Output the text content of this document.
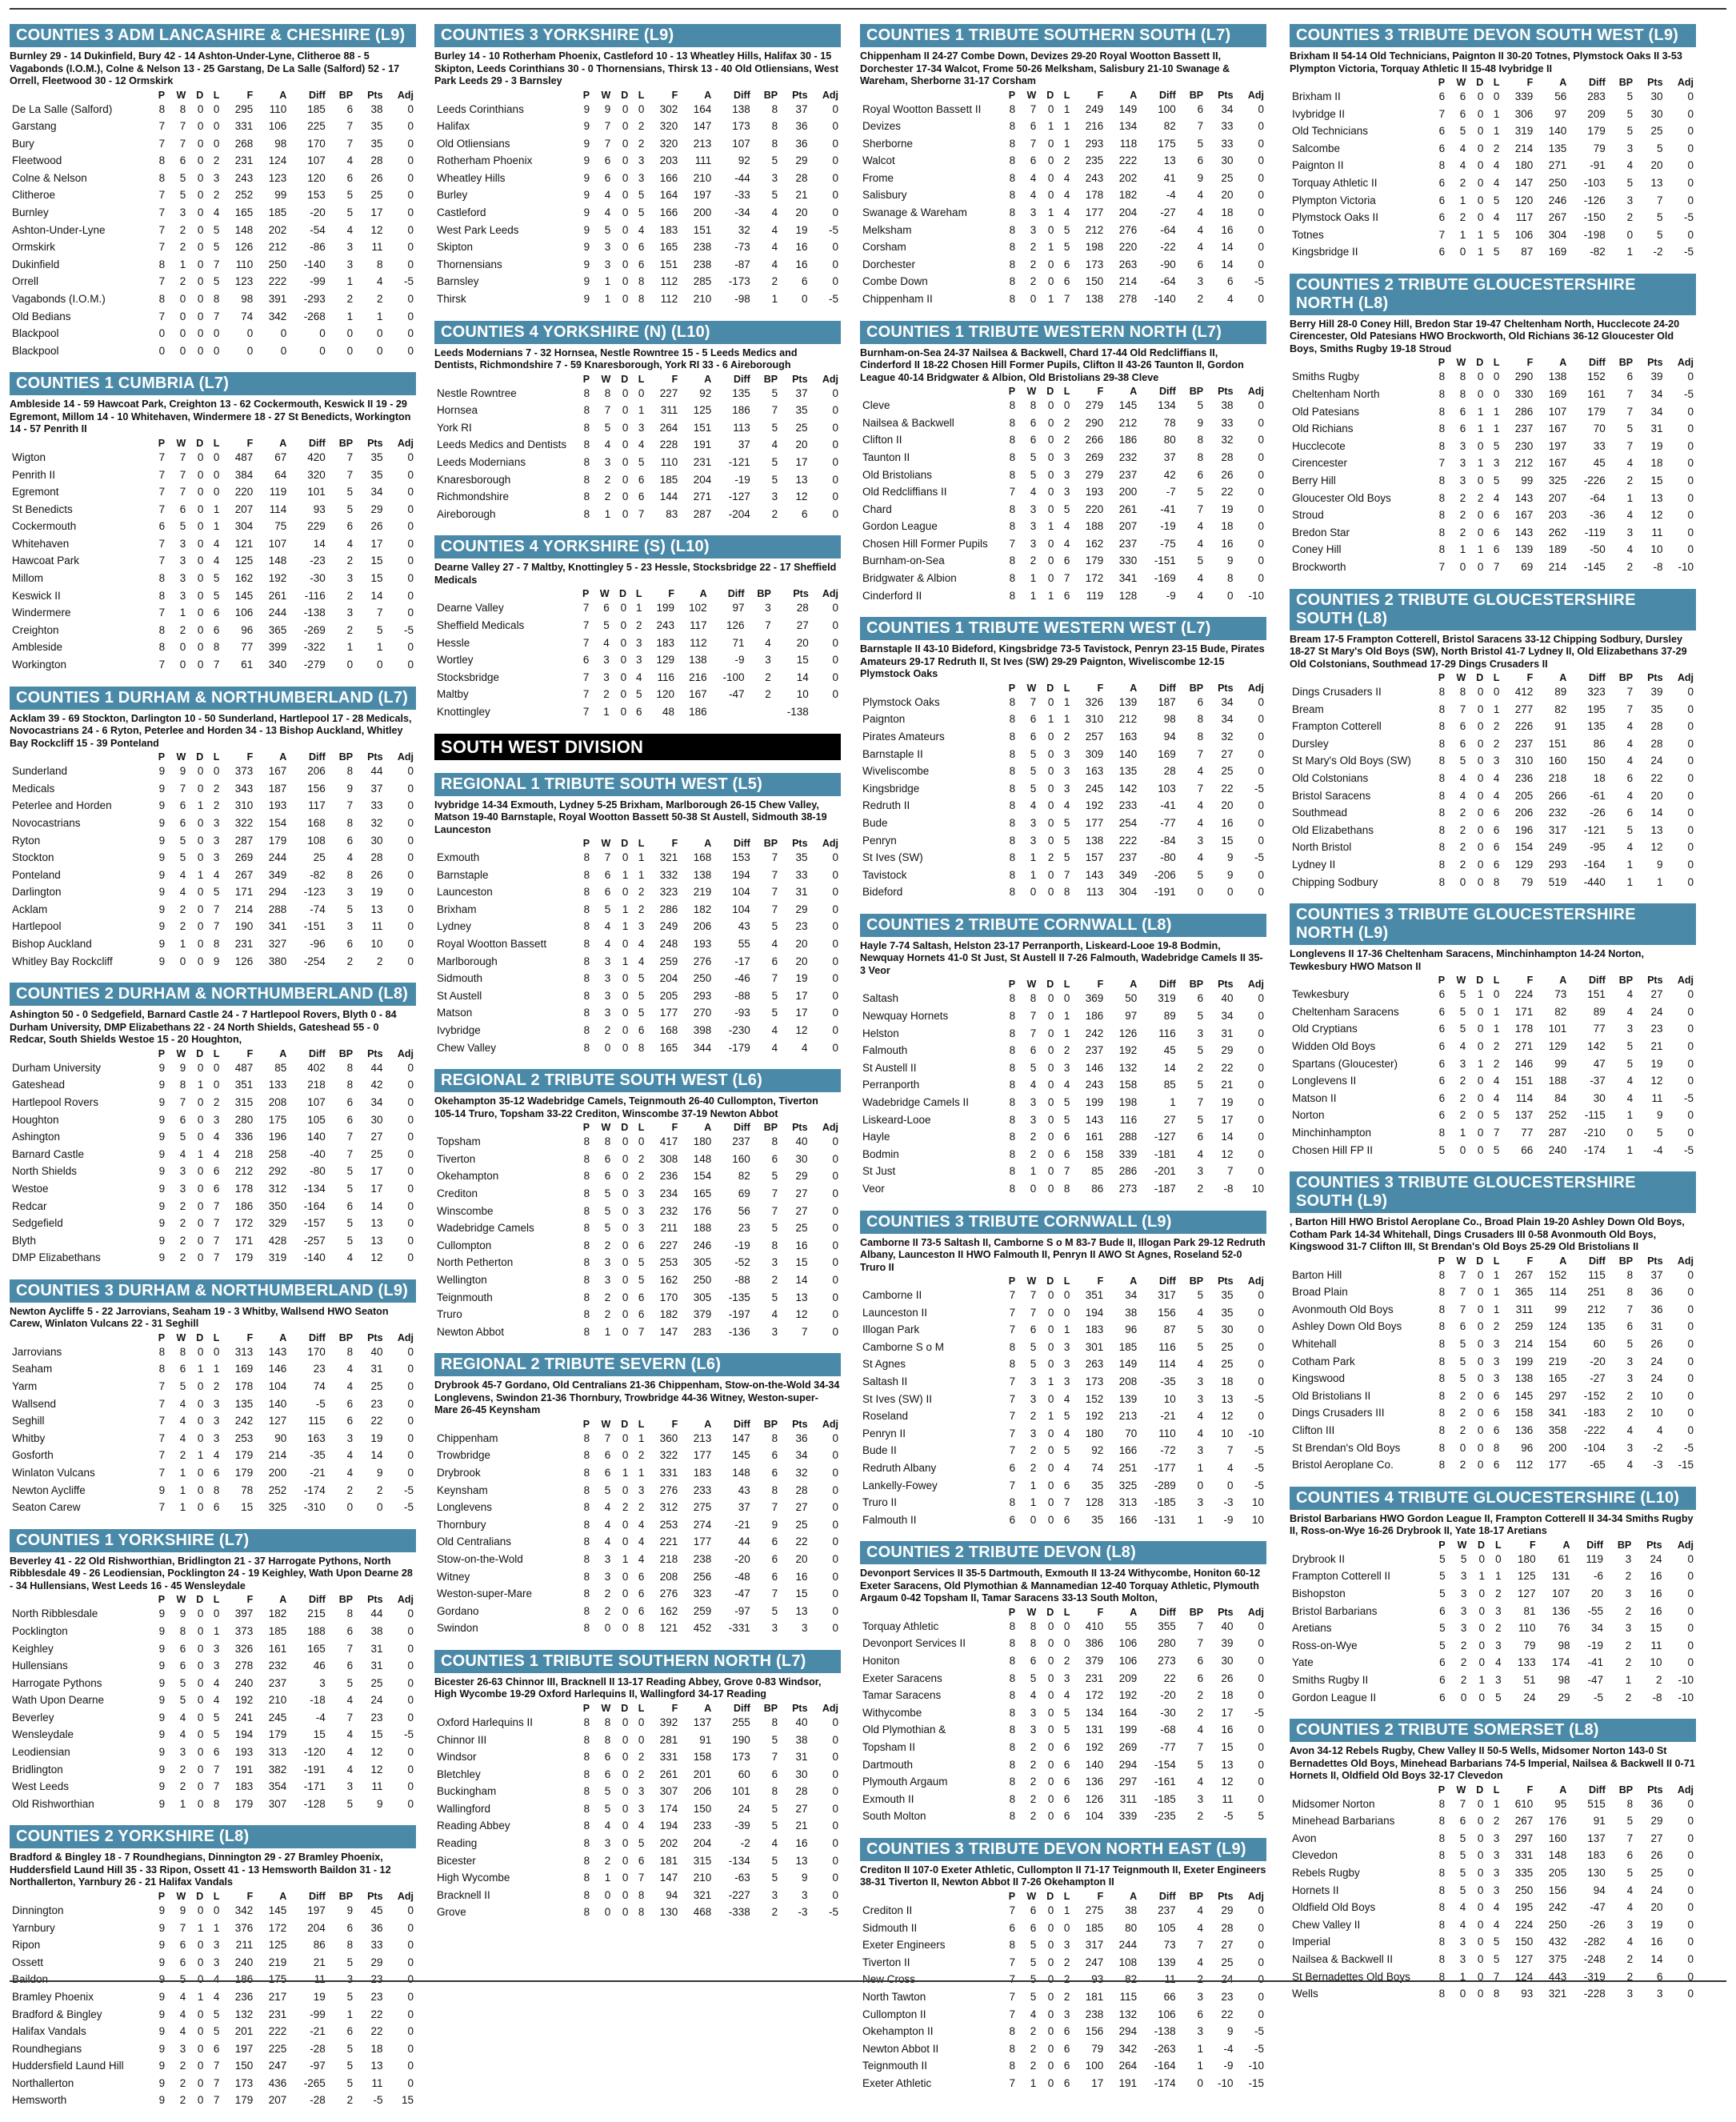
COUNTIES 3 ADM LANCASHIRE & CHESHIRE (L9)
Burnley 29 - 14 Dukinfield, Bury 42 - 14 Ashton-Under-Lyne, Clitheroe 88 - 5 Vagabonds (I.O.M.), Colne & Nelson 13 - 25 Garstang, De La Salle (Salford) 52 - 17 Orrell, Fleetwood 30 - 12 Ormskirk
	P	W	D	L	F	A	Diff	BP	Pts	Adj
De La Salle (Salford)	8	8	0	0	295	110	185	6	38	0
Garstang	7	7	0	0	331	106	225	7	35	0
Bury	7	7	0	0	268	98	170	7	35	0
Fleetwood	8	6	0	2	231	124	107	4	28	0
Colne & Nelson	8	5	0	3	243	123	120	6	26	0
Clitheroe	7	5	0	2	252	99	153	5	25	0
Burnley	7	3	0	4	165	185	-20	5	17	0
Ashton-Under-Lyne	7	2	0	5	148	202	-54	4	12	0
Ormskirk	7	2	0	5	126	212	-86	3	11	0
Dukinfield	8	1	0	7	110	250	-140	3	8	0
Orrell	7	2	0	5	123	222	-99	1	4	-5
Vagabonds (I.O.M.)	8	0	0	8	98	391	-293	2	2	0
Old Bedians	7	0	0	7	74	342	-268	1	1	0
Blackpool	0	0	0	0	0	0	0	0	0	0
Blackpool	0	0	0	0	0	0	0	0	0	0
COUNTIES 1 CUMBRIA (L7)
Ambleside 14 - 59 Hawcoat Park, Creighton 13 - 62 Cockermouth, Keswick II 19 - 29 Egremont, Millom 14 - 10 Whitehaven, Windermere 18 - 27 St Benedicts, Workington 14 - 57 Penrith II
	P	W	D	L	F	A	Diff	BP	Pts	Adj
Wigton	7	7	0	0	487	67	420	7	35	0
Penrith II	7	7	0	0	384	64	320	7	35	0
Egremont	7	7	0	0	220	119	101	5	34	0
St Benedicts	7	6	0	1	207	114	93	5	29	0
Cockermouth	6	5	0	1	304	75	229	6	26	0
Whitehaven	7	3	0	4	121	107	14	4	17	0
Hawcoat Park	7	3	0	4	125	148	-23	2	15	0
Millom	8	3	0	5	162	192	-30	3	15	0
Keswick II	8	3	0	5	145	261	-116	2	14	0
Windermere	7	1	0	6	106	244	-138	3	7	0
Creighton	8	2	0	6	96	365	-269	2	5	-5
Ambleside	8	0	0	8	77	399	-322	1	1	0
Workington	7	0	0	7	61	340	-279	0	0	0
COUNTIES 1 DURHAM & NORTHUMBERLAND (L7)
Acklam 39 - 69 Stockton, Darlington 10 - 50 Sunderland, Hartlepool 17 - 28 Medicals, Novocastrians 24 - 6 Ryton, Peterlee and Horden 34 - 13 Bishop Auckland, Whitley Bay Rockcliff 15 - 39 Ponteland
	P	W	D	L	F	A	Diff	BP	Pts	Adj
Sunderland	9	9	0	0	373	167	206	8	44	0
Medicals	9	7	0	2	343	187	156	9	37	0
Peterlee and Horden	9	6	1	2	310	193	117	7	33	0
Novocastrians	9	6	0	3	322	154	168	8	32	0
Ryton	9	5	0	3	287	179	108	6	30	0
Stockton	9	5	0	3	269	244	25	4	28	0
Ponteland	9	4	1	4	267	349	-82	8	26	0
Darlington	9	4	0	5	171	294	-123	3	19	0
Acklam	9	2	0	7	214	288	-74	5	13	0
Hartlepool	9	2	0	7	190	341	-151	3	11	0
Bishop Auckland	9	1	0	8	231	327	-96	6	10	0
Whitley Bay Rockcliff	9	0	0	9	126	380	-254	2	2	0
COUNTIES 2 DURHAM & NORTHUMBERLAND (L8)
Ashington 50 - 0 Sedgefield, Barnard Castle 24 - 7 Hartlepool Rovers, Blyth 0 - 84 Durham University, DMP Elizabethans 22 - 24 North Shields, Gateshead 55 - 0 Redcar, South Shields Westoe 15 - 20 Houghton,
	P	W	D	L	F	A	Diff	BP	Pts	Adj
Durham University	9	9	0	0	487	85	402	8	44	0
Gateshead	9	8	1	0	351	133	218	8	42	0
Hartlepool Rovers	9	7	0	2	315	208	107	6	34	0
Houghton	9	6	0	3	280	175	105	6	30	0
Ashington	9	5	0	4	336	196	140	7	27	0
Barnard Castle	9	4	1	4	218	258	-40	7	25	0
North Shields	9	3	0	6	212	292	-80	5	17	0
Westoe	9	3	0	6	178	312	-134	5	17	0
Redcar	9	2	0	7	186	350	-164	6	14	0
Sedgefield	9	2	0	7	172	329	-157	5	13	0
Blyth	9	2	0	7	171	428	-257	5	13	0
DMP Elizabethans	9	2	0	7	179	319	-140	4	12	0
COUNTIES 3 DURHAM & NORTHUMBERLAND (L9)
Newton Aycliffe 5 - 22 Jarrovians, Seaham 19 - 3 Whitby, Wallsend HWO Seaton Carew, Winlaton Vulcans 22 - 31 Seghill
	P	W	D	L	F	A	Diff	BP	Pts	Adj
Jarrovians	8	8	0	0	313	143	170	8	40	0
Seaham	8	6	1	1	169	146	23	4	31	0
Yarm	7	5	0	2	178	104	74	4	25	0
Wallsend	7	4	0	3	135	140	-5	6	23	0
Seghill	7	4	0	3	242	127	115	6	22	0
Whitby	7	4	0	3	253	90	163	3	19	0
Gosforth	7	2	1	4	179	214	-35	4	14	0
Winlaton Vulcans	7	1	0	6	179	200	-21	4	9	0
Newton Aycliffe	9	1	0	8	78	252	-174	2	2	-5
Seaton Carew	7	1	0	6	15	325	-310	0	0	-5
COUNTIES 1 YORKSHIRE (L7)
Beverley 41 - 22 Old Rishworthian, Bridlington 21 - 37 Harrogate Pythons, North Ribblesdale 49 - 26 Leodiensian, Pocklington 24 - 19 Keighley, Wath Upon Dearne 28 - 34 Hullensians, West Leeds 16 - 45 Wensleydale
	P	W	D	L	F	A	Diff	BP	Pts	Adj
North Ribblesdale	9	9	0	0	397	182	215	8	44	0
Pocklington	9	8	0	1	373	185	188	6	38	0
Keighley	9	6	0	3	326	161	165	7	31	0
Hullensians	9	6	0	3	278	232	46	6	31	0
Harrogate Pythons	9	5	0	4	240	237	3	5	25	0
Wath Upon Dearne	9	5	0	4	192	210	-18	4	24	0
Beverley	9	4	0	5	241	245	-4	7	23	0
Wensleydale	9	4	0	5	194	179	15	4	15	-5
Leodiensian	9	3	0	6	193	313	-120	4	12	0
Bridlington	9	2	0	7	191	382	-191	4	12	0
West Leeds	9	2	0	7	183	354	-171	3	11	0
Old Rishworthian	9	1	0	8	179	307	-128	5	9	0
COUNTIES 2 YORKSHIRE (L8)
Bradford & Bingley 18 - 7 Roundhegians, Dinnington 29 - 27 Bramley Phoenix, Huddersfield Laund Hill 35 - 33 Ripon, Ossett 41 - 13 Hemsworth Baildon 31 - 12 Northallerton, Yarnbury 26 - 21 Halifax Vandals
	P	W	D	L	F	A	Diff	BP	Pts	Adj
Dinnington	9	9	0	0	342	145	197	9	45	0
Yarnbury	9	7	1	1	376	172	204	6	36	0
Ripon	9	6	0	3	211	125	86	8	33	0
Ossett	9	6	0	3	240	219	21	5	29	0
Baildon	9	5	0	4	186	175	11	3	23	0
Bramley Phoenix	9	4	1	4	236	217	19	5	23	0
Bradford & Bingley	9	4	0	5	132	231	-99	1	22	0
Halifax Vandals	9	4	0	5	201	222	-21	6	22	0
Roundhegians	9	3	0	6	197	225	-28	5	18	0
Huddersfield Laund Hill	9	2	0	7	150	247	-97	5	13	0
Northallerton	9	2	0	7	173	436	-265	5	11	0
Hemsworth	9	2	0	7	179	207	-28	2	-5	15
COUNTIES 3 YORKSHIRE (L9)
Burley 14 - 10 Rotherham Phoenix, Castleford 10 - 13 Wheatley Hills, Halifax 30 - 15 Skipton, Leeds Corinthians 30 - 0 Thornensians, Thirsk 13 - 40 Old Otliensians, West Park Leeds 29 - 3 Barnsley
	P	W	D	L	F	A	Diff	BP	Pts	Adj
Leeds Corinthians	9	9	0	0	302	164	138	8	37	0
Halifax	9	7	0	2	320	147	173	8	36	0
Old Otliensians	9	7	0	2	320	213	107	8	36	0
Rotherham Phoenix	9	6	0	3	203	111	92	5	29	0
Wheatley Hills	9	6	0	3	166	210	-44	3	28	0
Burley	9	4	0	5	164	197	-33	5	21	0
Castleford	9	4	0	5	166	200	-34	4	20	0
West Park Leeds	9	5	0	4	183	151	32	4	19	-5
Skipton	9	3	0	6	165	238	-73	4	16	0
Thornensians	9	3	0	6	151	238	-87	4	16	0
Barnsley	9	1	0	8	112	285	-173	2	6	0
Thirsk	9	1	0	8	112	210	-98	1	0	-5
COUNTIES 4 YORKSHIRE (N) (L10)
Leeds Modernians 7 - 32 Hornsea, Nestle Rowntree 15 - 5 Leeds Medics and Dentists, Richmondshire 7 - 59 Knaresborough, York RI 33 - 6 Aireborough
	P	W	D	L	F	A	Diff	BP	Pts	Adj
Nestle Rowntree	8	8	0	0	227	92	135	5	37	0
Hornsea	8	7	0	1	311	125	186	7	35	0
York RI	8	5	0	3	264	151	113	5	25	0
Leeds Medics and Dentists	8	4	0	4	228	191	37	4	20	0
Leeds Modernians	8	3	0	5	110	231	-121	5	17	0
Knaresborough	8	2	0	6	185	204	-19	5	13	0
Richmondshire	8	2	0	6	144	271	-127	3	12	0
Aireborough	8	1	0	7	83	287	-204	2	6	0
COUNTIES 4 YORKSHIRE (S) (L10)
Dearne Valley 27 - 7 Maltby, Knottingley 5 - 23 Hessle, Stocksbridge 22 - 17 Sheffield Medicals
	P	W	D	L	F	A	Diff	BP	Pts	Adj
Dearne Valley	7	6	0	1	199	102	97	3	28	0
Sheffield Medicals	7	5	0	2	243	117	126	7	27	0
Hessle	7	4	0	3	183	112	71	4	20	0
Wortley	6	3	0	3	129	138	-9	3	15	0
Stocksbridge	7	3	0	4	116	216	-100	2	14	0
Maltby	7	2	0	5	120	167	-47	2	10	0
Knottingley	7	1	0	6	48	186			-138	
SOUTH WEST DIVISION
REGIONAL 1 TRIBUTE SOUTH WEST (L5)
Ivybridge 14-34 Exmouth, Lydney 5-25 Brixham, Marlborough 26-15 Chew Valley, Matson 19-40 Barnstaple, Royal Wootton Bassett 50-38 St Austell, Sidmouth 38-19 Launceston
	P	W	D	L	F	A	Diff	BP	Pts	Adj
Exmouth	8	7	0	1	321	168	153	7	35	0
Barnstaple	8	6	1	1	332	138	194	7	33	0
Launceston	8	6	0	2	323	219	104	7	31	0
Brixham	8	5	1	2	286	182	104	7	29	0
Lydney	8	4	1	3	249	206	43	5	23	0
Royal Wootton Bassett	8	4	0	4	248	193	55	4	20	0
Marlborough	8	3	1	4	259	276	-17	6	20	0
Sidmouth	8	3	0	5	204	250	-46	7	19	0
St Austell	8	3	0	5	205	293	-88	5	17	0
Matson	8	3	0	5	177	270	-93	5	17	0
Ivybridge	8	2	0	6	168	398	-230	4	12	0
Chew Valley	8	0	0	8	165	344	-179	4	4	0
REGIONAL 2 TRIBUTE SOUTH WEST (L6)
Okehampton 35-12 Wadebridge Camels, Teignmouth 26-40 Cullompton, Tiverton 105-14 Truro, Topsham 33-22 Crediton, Winscombe 37-19 Newton Abbot
	P	W	D	L	F	A	Diff	BP	Pts	Adj
Topsham	8	8	0	0	417	180	237	8	40	0
Tiverton	8	6	0	2	308	148	160	6	30	0
Okehampton	8	6	0	2	236	154	82	5	29	0
Crediton	8	5	0	3	234	165	69	7	27	0
Winscombe	8	5	0	3	232	176	56	7	27	0
Wadebridge Camels	8	5	0	3	211	188	23	5	25	0
Cullompton	8	2	0	6	227	246	-19	8	16	0
North Petherton	8	3	0	5	253	305	-52	3	15	0
Wellington	8	3	0	5	162	250	-88	2	14	0
Teignmouth	8	2	0	6	170	305	-135	5	13	0
Truro	8	2	0	6	182	379	-197	4	12	0
Newton Abbot	8	1	0	7	147	283	-136	3	7	0
REGIONAL 2 TRIBUTE SEVERN (L6)
Drybrook 45-7 Gordano, Old Centralians 21-36 Chippenham, Stow-on-the-Wold 34-34 Longlevens, Swindon 21-36 Thornbury, Trowbridge 44-36 Witney, Weston-super-Mare 26-45 Keynsham
	P	W	D	L	F	A	Diff	BP	Pts	Adj
Chippenham	8	7	0	1	360	213	147	8	36	0
Trowbridge	8	6	0	2	322	177	145	6	34	0
Drybrook	8	6	1	1	331	183	148	6	32	0
Keynsham	8	5	0	3	276	233	43	8	28	0
Longlevens	8	4	2	2	312	275	37	7	27	0
Thornbury	8	4	0	4	253	274	-21	9	25	0
Old Centralians	8	4	0	4	221	177	44	6	22	0
Stow-on-the-Wold	8	3	1	4	218	238	-20	6	20	0
Witney	8	3	0	6	208	256	-48	6	16	0
Weston-super-Mare	8	2	0	6	276	323	-47	7	15	0
Gordano	8	2	0	6	162	259	-97	5	13	0
Swindon	8	0	0	8	121	452	-331	3	3	0
COUNTIES 1 TRIBUTE SOUTHERN NORTH (L7)
Bicester 26-63 Chinnor III, Bracknell II 13-17 Reading Abbey, Grove 0-83 Windsor, High Wycombe 19-29 Oxford Harlequins II, Wallingford 34-17 Reading
	P	W	D	L	F	A	Diff	BP	Pts	Adj
Oxford Harlequins II	8	8	0	0	392	137	255	8	40	0
Chinnor III	8	8	0	0	281	91	190	5	38	0
Windsor	8	6	0	2	331	158	173	7	31	0
Bletchley	8	6	0	2	261	201	60	6	30	0
Buckingham	8	5	0	3	307	206	101	8	28	0
Wallingford	8	5	0	3	174	150	24	5	27	0
Reading Abbey	8	4	0	4	194	233	-39	5	21	0
Reading	8	3	0	5	202	204	-2	4	16	0
Bicester	8	2	0	6	181	315	-134	5	13	0
High Wycombe	8	1	0	7	147	210	-63	5	9	0
Bracknell II	8	0	0	8	94	321	-227	3	3	0
Grove	8	0	0	8	130	468	-338	2	-3	-5
COUNTIES 1 TRIBUTE SOUTHERN SOUTH (L7)
Chippenham II 24-27 Combe Down, Devizes 29-20 Royal Wootton Bassett II, Dorchester 17-34 Walcot, Frome 50-26 Melksham, Salisbury 21-10 Swanage & Wareham, Sherborne 31-17 Corsham
	P	W	D	L	F	A	Diff	BP	Pts	Adj
Royal Wootton Bassett II	8	7	0	1	249	149	100	6	34	0
Devizes	8	6	1	1	216	134	82	7	33	0
Sherborne	8	7	0	1	293	118	175	5	33	0
Walcot	8	6	0	2	235	222	13	6	30	0
Frome	8	4	0	4	243	202	41	9	25	0
Salisbury	8	4	0	4	178	182	-4	4	20	0
Swanage & Wareham	8	3	1	4	177	204	-27	4	18	0
Melksham	8	3	0	5	212	276	-64	4	16	0
Corsham	8	2	1	5	198	220	-22	4	14	0
Dorchester	8	2	0	6	173	263	-90	6	14	0
Combe Down	8	2	0	6	150	214	-64	3	6	-5
Chippenham II	8	0	1	7	138	278	-140	2	4	0
COUNTIES 1 TRIBUTE WESTERN NORTH (L7)
Burnham-on-Sea 24-37 Nailsea & Backwell, Chard 17-44 Old Redcliffians II, Cinderford II 18-22 Chosen Hill Former Pupils, Clifton II 43-26 Taunton II, Gordon League 40-14 Bridgwater & Albion, Old Bristolians 29-38 Cleve
	P	W	D	L	F	A	Diff	BP	Pts	Adj
Cleve	8	8	0	0	279	145	134	5	38	0
Nailsea & Backwell	8	6	0	2	290	212	78	9	33	0
Clifton II	8	6	0	2	266	186	80	8	32	0
Taunton II	8	5	0	3	269	232	37	8	28	0
Old Bristolians	8	5	0	3	279	237	42	6	26	0
Old Redcliffians II	7	4	0	3	193	200	-7	5	22	0
Chard	8	3	0	5	220	261	-41	7	19	0
Gordon League	8	3	1	4	188	207	-19	4	18	0
Chosen Hill Former Pupils	7	3	0	4	162	237	-75	4	16	0
Burnham-on-Sea	8	2	0	6	179	330	-151	5	9	0
Bridgwater & Albion	8	1	0	7	172	341	-169	4	8	0
Cinderford II	8	1	1	6	119	128	-9	4	0	-10
COUNTIES 1 TRIBUTE WESTERN WEST (L7)
Barnstaple II 43-10 Bideford, Kingsbridge 73-5 Tavistock, Penryn 23-15 Bude, Pirates Amateurs 29-17 Redruth II, St Ives (SW) 29-29 Paignton, Wiveliscombe 12-15 Plymstock Oaks
	P	W	D	L	F	A	Diff	BP	Pts	Adj
Plymstock Oaks	8	7	0	1	326	139	187	6	34	0
Paignton	8	6	1	1	310	212	98	8	34	0
Pirates Amateurs	8	6	0	2	257	163	94	8	32	0
Barnstaple II	8	5	0	3	309	140	169	7	27	0
Wiveliscombe	8	5	0	3	163	135	28	4	25	0
Kingsbridge	8	5	0	3	245	142	103	7	22	-5
Redruth II	8	4	0	4	192	233	-41	4	20	0
Bude	8	3	0	5	177	254	-77	4	16	0
Penryn	8	3	0	5	138	222	-84	3	15	0
St Ives (SW)	8	1	2	5	157	237	-80	4	9	-5
Tavistock	8	1	0	7	143	349	-206	5	9	0
Bideford	8	0	0	8	113	304	-191	0	0	0
COUNTIES 2 TRIBUTE CORNWALL (L8)
Hayle 7-74 Saltash, Helston 23-17 Perranporth, Liskeard-Looe 19-8 Bodmin, Newquay Hornets 41-0 St Just, St Austell II 7-26 Falmouth, Wadebridge Camels II 35-3 Veor
	P	W	D	L	F	A	Diff	BP	Pts	Adj
Saltash	8	8	0	0	369	50	319	6	40	0
Newquay Hornets	8	7	0	1	186	97	89	5	34	0
Helston	8	7	0	1	242	126	116	3	31	0
Falmouth	8	6	0	2	237	192	45	5	29	0
St Austell II	8	5	0	3	146	132	14	2	22	0
Perranporth	8	4	0	4	243	158	85	5	21	0
Wadebridge Camels II	8	3	0	5	199	198	1	7	19	0
Liskeard-Looe	8	3	0	5	143	116	27	5	17	0
Hayle	8	2	0	6	161	288	-127	6	14	0
Bodmin	8	2	0	6	158	339	-181	4	12	0
St Just	8	1	0	7	85	286	-201	3	7	0
Veor	8	0	0	8	86	273	-187	2	-8	10
COUNTIES 3 TRIBUTE CORNWALL (L9)
Camborne II 73-5 Saltash II, Camborne S o M 83-7 Bude II, Illogan Park 29-12 Redruth Albany, Launceston II HWO Falmouth II, Penryn II AWO St Agnes, Roseland 52-0 Truro II
	P	W	D	L	F	A	Diff	BP	Pts	Adj
Camborne II	7	7	0	0	351	34	317	5	35	0
Launceston II	7	7	0	0	194	38	156	4	35	0
Illogan Park	7	6	0	1	183	96	87	5	30	0
Camborne S o M	8	5	0	3	301	185	116	5	25	0
St Agnes	8	5	0	3	263	149	114	4	25	0
Saltash II	7	3	1	3	173	208	-35	3	18	0
St Ives (SW) II	7	3	0	4	152	139	10	3	13	-5
Roseland	7	2	1	5	192	213	-21	4	12	0
Penryn II	7	3	0	4	180	70	110	4	10	-10
Bude II	7	2	0	5	92	166	-72	3	7	-5
Redruth Albany	6	2	0	4	74	251	-177	1	4	-5
Lankelly-Fowey	7	1	0	6	35	325	-289	0	0	-5
Truro II	8	1	0	7	128	313	-185	3	-3	10
Falmouth II	6	0	0	6	35	166	-131	1	-9	10
COUNTIES 2 TRIBUTE DEVON (L8)
Devonport Services II 35-5 Dartmouth, Exmouth II 13-24 Withycombe, Honiton 60-12 Exeter Saracens, Old Plymothian & Mannamedian 12-40 Torquay Athletic, Plymouth Argaum 0-42 Topsham II, Tamar Saracens 33-13 South Molton,
	P	W	D	L	F	A	Diff	BP	Pts	Adj
Torquay Athletic	8	8	0	0	410	55	355	7	40	0
Devonport Services II	8	8	0	0	386	106	280	7	39	0
Honiton	8	6	0	2	379	106	273	6	30	0
Exeter Saracens	8	5	0	3	231	209	22	6	26	0
Tamar Saracens	8	4	0	4	172	192	-20	2	18	0
Withycombe	8	3	0	5	134	164	-30	2	17	-5
Old Plymothian &	8	3	0	5	131	199	-68	4	16	0
Topsham II	8	2	0	6	192	269	-77	7	15	0
Dartmouth	8	2	0	6	140	294	-154	5	13	0
Plymouth Argaum	8	2	0	6	136	297	-161	4	12	0
Exmouth II	8	2	0	6	126	311	-185	3	11	0
South Molton	8	2	0	6	104	339	-235	2	-5	5
COUNTIES 3 TRIBUTE DEVON NORTH EAST (L9)
Crediton II 107-0 Exeter Athletic, Cullompton II 71-17 Teignmouth II, Exeter Engineers 38-31 Tiverton II, Newton Abbot II 7-26 Okehampton II
	P	W	D	L	F	A	Diff	BP	Pts	Adj
Crediton II	7	6	0	1	275	38	237	4	29	0
Sidmouth II	6	6	0	0	185	80	105	4	28	0
Exeter Engineers	8	5	0	3	317	244	73	7	27	0
Tiverton II	7	5	0	2	247	108	139	4	25	0
New Cross	7	5	0	2	93	82	11	2	24	0
North Tawton	7	5	0	2	181	115	66	3	23	0
Cullompton II	7	4	0	3	238	132	106	6	22	0
Okehampton II	8	2	0	6	156	294	-138	3	9	-5
Newton Abbot II	8	2	0	6	79	342	-263	1	-4	-5
Teignmouth II	8	2	0	6	100	264	-164	1	-9	-10
Exeter Athletic	7	1	0	6	17	191	-174	0	-10	-15
COUNTIES 3 TRIBUTE DEVON SOUTH WEST (L9)
Brixham II 54-14 Old Technicians, Paignton II 30-20 Totnes, Plymstock Oaks II 3-53 Plympton Victoria, Torquay Athletic II 15-48 Ivybridge II
	P	W	D	L	F	A	Diff	BP	Pts	Adj
Brixham II	6	6	0	0	339	56	283	5	30	0
Ivybridge II	7	6	0	1	306	97	209	5	30	0
Old Technicians	6	5	0	1	319	140	179	5	25	0
Salcombe	6	4	0	2	214	135	79	3	5	0
Paignton II	8	4	0	4	180	271	-91	4	20	0
Torquay Athletic II	6	2	0	4	147	250	-103	5	13	0
Plympton Victoria	6	1	0	5	120	246	-126	3	7	0
Plymstock Oaks II	6	2	0	4	117	267	-150	2	5	-5
Totnes	7	1	1	5	106	304	-198	0	5	0
Kingsbridge II	6	0	1	5	87	169	-82	1	-2	-5
COUNTIES 2 TRIBUTE GLOUCESTERSHIRE NORTH (L8)
Berry Hill 28-0 Coney Hill, Bredon Star 19-47 Cheltenham North, Hucclecote 24-20 Cirencester, Old Patesians HWO Brockworth, Old Richians 36-12 Gloucester Old Boys, Smiths Rugby 19-18 Stroud
	P	W	D	L	F	A	Diff	BP	Pts	Adj
Smiths Rugby	8	8	0	0	290	138	152	6	39	0
Cheltenham North	8	8	0	0	330	169	161	7	34	-5
Old Patesians	8	6	1	1	286	107	179	7	34	0
Old Richians	8	6	1	1	237	167	70	5	31	0
Hucclecote	8	3	0	5	230	197	33	7	19	0
Cirencester	7	3	1	3	212	167	45	4	18	0
Berry Hill	8	3	0	5	99	325	-226	2	15	0
Gloucester Old Boys	8	2	2	4	143	207	-64	1	13	0
Stroud	8	2	0	6	167	203	-36	4	12	0
Bredon Star	8	2	0	6	143	262	-119	3	11	0
Coney Hill	8	1	1	6	139	189	-50	4	10	0
Brockworth	7	0	0	7	69	214	-145	2	-8	-10
COUNTIES 2 TRIBUTE GLOUCESTERSHIRE SOUTH (L8)
Bream 17-5 Frampton Cotterell, Bristol Saracens 33-12 Chipping Sodbury, Dursley 18-27 St Mary's Old Boys (SW), North Bristol 41-7 Lydney II, Old Elizabethans 37-29 Old Colstonians, Southmead 17-29 Dings Crusaders II
	P	W	D	L	F	A	Diff	BP	Pts	Adj
Dings Crusaders II	8	8	0	0	412	89	323	7	39	0
Bream	8	7	0	1	277	82	195	7	35	0
Frampton Cotterell	8	6	0	2	226	91	135	4	28	0
Dursley	8	6	0	2	237	151	86	4	28	0
St Mary's Old Boys (SW)	8	5	0	3	310	160	150	4	24	0
Old Colstonians	8	4	0	4	236	218	18	6	22	0
Bristol Saracens	8	4	0	4	205	266	-61	4	20	0
Southmead	8	2	0	6	206	232	-26	6	14	0
Old Elizabethans	8	2	0	6	196	317	-121	5	13	0
North Bristol	8	2	0	6	154	249	-95	4	12	0
Lydney II	8	2	0	6	129	293	-164	1	9	0
Chipping Sodbury	8	0	0	8	79	519	-440	1	1	0
COUNTIES 3 TRIBUTE GLOUCESTERSHIRE NORTH (L9)
Longlevens II 17-36 Cheltenham Saracens, Minchinhampton 14-24 Norton, Tewkesbury HWO Matson II
	P	W	D	L	F	A	Diff	BP	Pts	Adj
Tewkesbury	6	5	1	0	224	73	151	4	27	0
Cheltenham Saracens	6	5	0	1	171	82	89	4	24	0
Old Cryptians	6	5	0	1	178	101	77	3	23	0
Widden Old Boys	6	4	0	2	271	129	142	5	21	0
Spartans (Gloucester)	6	3	1	2	146	99	47	5	19	0
Longlevens II	6	2	0	4	151	188	-37	4	12	0
Matson II	6	2	0	4	114	84	30	4	11	-5
Norton	6	2	0	5	137	252	-115	1	9	0
Minchinhampton	8	1	0	7	77	287	-210	0	5	0
Chosen Hill FP II	5	0	0	5	66	240	-174	1	-4	-5
COUNTIES 3 TRIBUTE GLOUCESTERSHIRE SOUTH (L9)
, Barton Hill HWO Bristol Aeroplane Co., Broad Plain 19-20 Ashley Down Old Boys, Cotham Park 14-34 Whitehall, Dings Crusaders III 0-58 Avonmouth Old Boys, Kingswood 31-7 Clifton III, St Brendan's Old Boys 25-29 Old Bristolians II
	P	W	D	L	F	A	Diff	BP	Pts	Adj
Barton Hill	8	7	0	1	267	152	115	8	37	0
Broad Plain	8	7	0	1	365	114	251	8	36	0
Avonmouth Old Boys	8	7	0	1	311	99	212	7	36	0
Ashley Down Old Boys	8	6	0	2	259	124	135	6	31	0
Whitehall	8	5	0	3	214	154	60	5	26	0
Cotham Park	8	5	0	3	199	219	-20	3	24	0
Kingswood	8	5	0	3	138	165	-27	3	24	0
Old Bristolians II	8	2	0	6	145	297	-152	2	10	0
Dings Crusaders III	8	2	0	6	158	341	-183	2	10	0
Clifton III	8	2	0	6	136	358	-222	4	4	0
St Brendan's Old Boys	8	0	0	8	96	200	-104	3	-2	-5
Bristol Aeroplane Co.	8	2	0	6	112	177	-65	4	-3	-15
COUNTIES 4 TRIBUTE GLOUCESTERSHIRE (L10)
Bristol Barbarians HWO Gordon League II, Frampton Cotterell II 34-34 Smiths Rugby II, Ross-on-Wye 16-26 Drybrook II, Yate 18-17 Aretians
	P	W	D	L	F	A	Diff	BP	Pts	Adj
Drybrook II	5	5	0	0	180	61	119	3	24	0
Frampton Cotterell II	5	3	1	1	125	131	-6	2	16	0
Bishopston	5	3	0	2	127	107	20	3	16	0
Bristol Barbarians	6	3	0	3	81	136	-55	2	16	0
Aretians	5	3	0	2	110	76	34	3	15	0
Ross-on-Wye	5	2	0	3	79	98	-19	2	11	0
Yate	6	2	0	4	133	174	-41	2	10	0
Smiths Rugby II	6	2	1	3	51	98	-47	1	2	-10
Gordon League II	6	0	0	5	24	29	-5	2	-8	-10
COUNTIES 2 TRIBUTE SOMERSET (L8)
Avon 34-12 Rebels Rugby, Chew Valley II 50-5 Wells, Midsomer Norton 143-0 St Bernadettes Old Boys, Minehead Barbarians 74-5 Imperial, Nailsea & Backwell II 0-71 Hornets II, Oldfield Old Boys 32-17 Clevedon
	P	W	D	L	F	A	Diff	BP	Pts	Adj
Midsomer Norton	8	7	0	1	610	95	515	8	36	0
Minehead Barbarians	8	6	0	2	267	176	91	5	29	0
Avon	8	5	0	3	297	160	137	7	27	0
Clevedon	8	5	0	3	331	148	183	6	26	0
Rebels Rugby	8	5	0	3	335	205	130	5	25	0
Hornets II	8	5	0	3	250	156	94	4	24	0
Oldfield Old Boys	8	4	0	4	195	242	-47	4	20	0
Chew Valley II	8	4	0	4	224	250	-26	3	19	0
Imperial	8	3	0	5	150	432	-282	4	16	0
Nailsea & Backwell II	8	3	0	5	127	375	-248	2	14	0
St Bernadettes Old Boys	8	1	0	7	124	443	-319	2	6	0
Wells	8	0	0	8	93	321	-228	3	3	0
